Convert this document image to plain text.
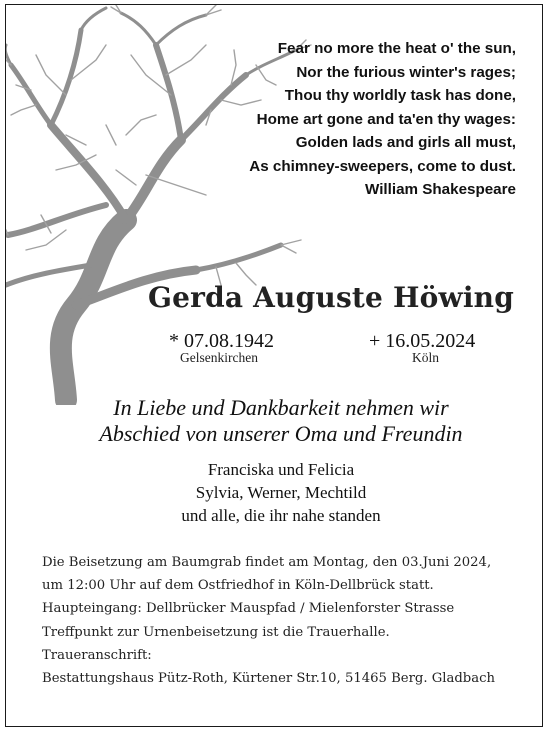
Fear no more the heat o' the sun,
Nor the furious winter's rages;
Thou thy worldly task has done,
Home art gone and ta'en thy wages:
Golden lads and girls all must,
As chimney-sweepers, come to dust.
William Shakespeare
Gerda Auguste Höwing
* 07.08.1942
Gelsenkirchen
+ 16.05.2024
Köln
In Liebe und Dankbarkeit nehmen wir
Abschied von unserer Oma und Freundin
Franciska und Felicia
Sylvia, Werner, Mechtild
und alle, die ihr nahe standen
Die Beisetzung am Baumgrab findet am Montag, den 03.Juni 2024,
um 12:00 Uhr auf dem Ostfriedhof in Köln-Dellbrück statt.
Haupteingang: Dellbrücker Mauspfad / Mielenforster Strasse
Treffpunkt zur Urnenbeisetzung ist die Trauerhalle.
Traueranschrift:
Bestattungshaus Pütz-Roth, Kürtener Str.10, 51465 Berg. Gladbach
